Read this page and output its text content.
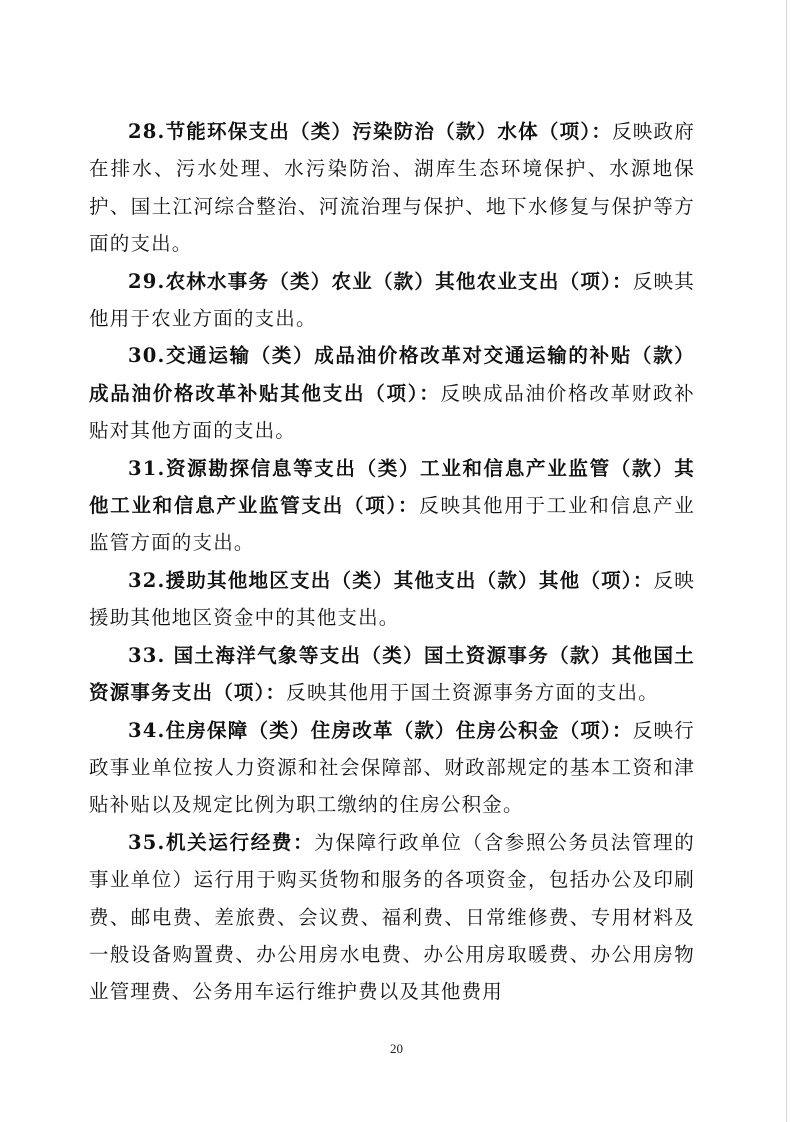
28.节能环保支出（类）污染防治（款）水体（项）：反映政府在排水、污水处理、水污染防治、湖库生态环境保护、水源地保护、国土江河综合整治、河流治理与保护、地下水修复与保护等方面的支出。

29.农林水事务（类）农业（款）其他农业支出（项）：反映其他用于农业方面的支出。

30.交通运输（类）成品油价格改革对交通运输的补贴（款）成品油价格改革补贴其他支出（项）：反映成品油价格改革财政补贴对其他方面的支出。

31.资源勘探信息等支出（类）工业和信息产业监管（款）其他工业和信息产业监管支出（项）：反映其他用于工业和信息产业监管方面的支出。

32.援助其他地区支出（类）其他支出（款）其他（项）：反映援助其他地区资金中的其他支出。

33. 国土海洋气象等支出（类）国土资源事务（款）其他国土资源事务支出（项）：反映其他用于国土资源事务方面的支出。

34.住房保障（类）住房改革（款）住房公积金（项）：反映行政事业单位按人力资源和社会保障部、财政部规定的基本工资和津贴补贴以及规定比例为职工缴纳的住房公积金。

35.机关运行经费：为保障行政单位（含参照公务员法管理的事业单位）运行用于购买货物和服务的各项资金，包括办公及印刷费、邮电费、差旅费、会议费、福利费、日常维修费、专用材料及一般设备购置费、办公用房水电费、办公用房取暖费、办公用房物业管理费、公务用车运行维护费以及其他费用

20
